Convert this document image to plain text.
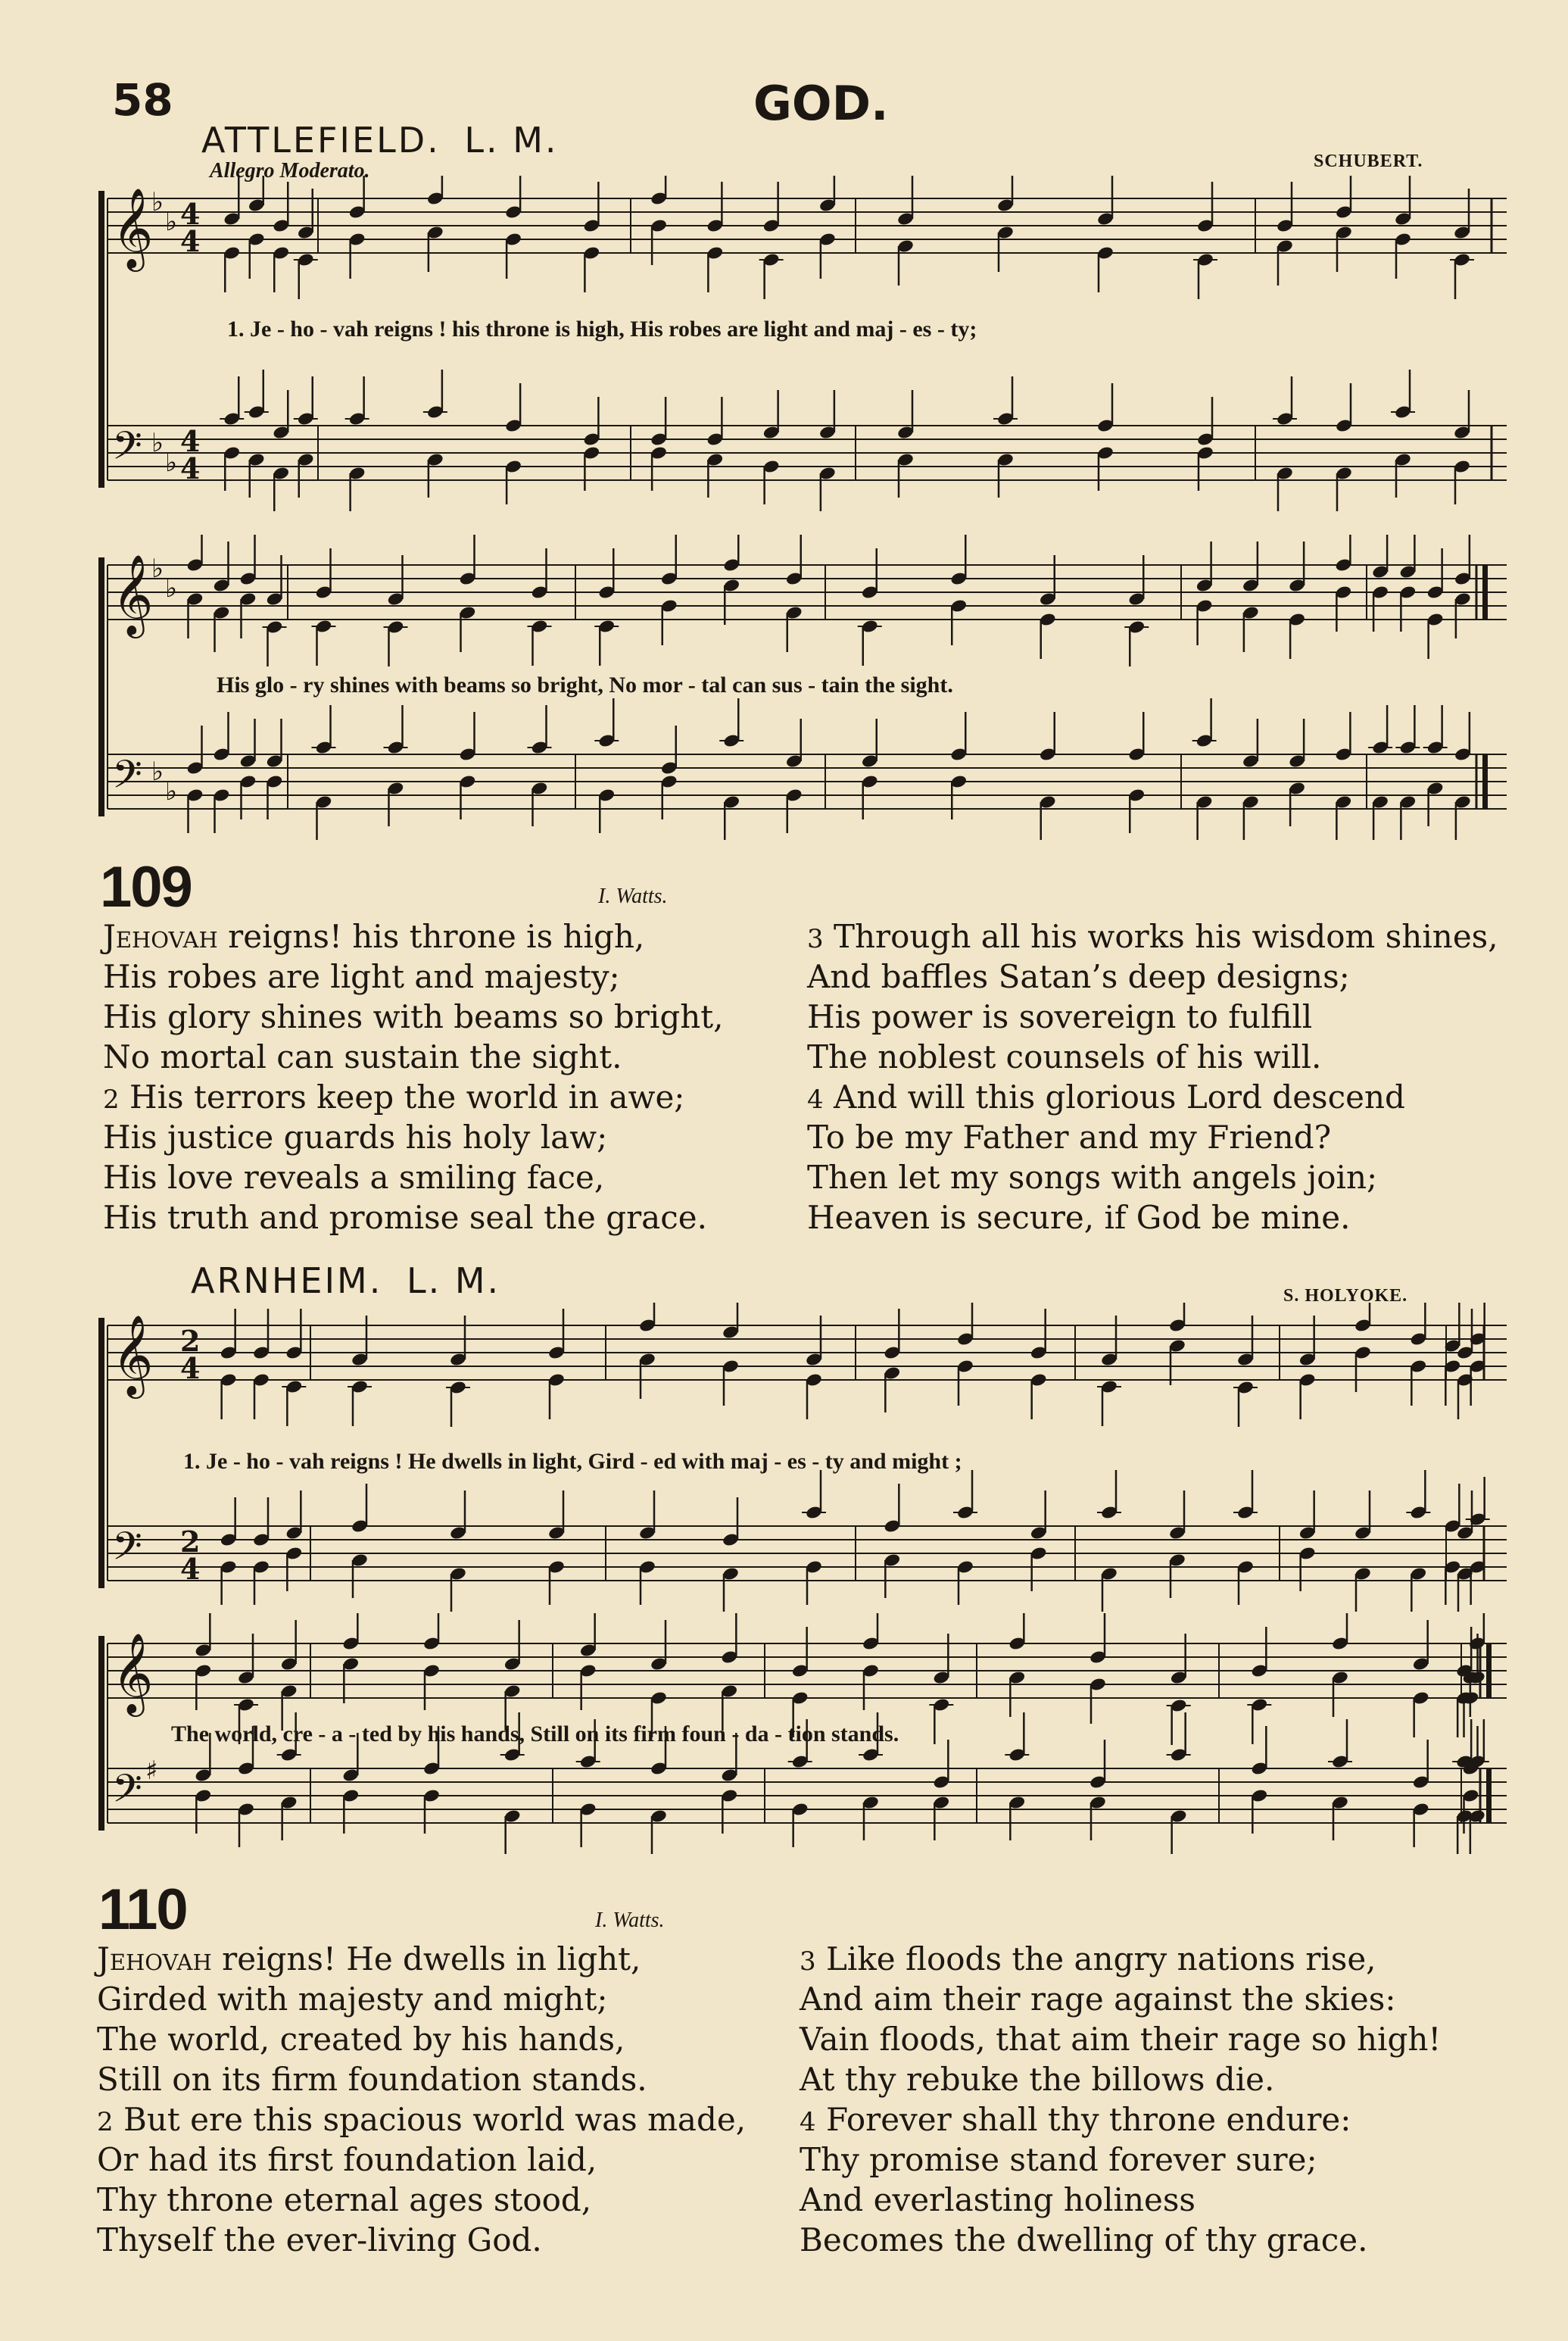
58	GOD.
ATTLEFIELD. L. M.
Allegro Moderato.	SCHUBERT.
𝄞
𝄢
♭
♭
♭
♭
4
4
4
4
1. Je - ho - vah reigns ! his throne is high, His robes are light and maj - es - ty;
𝄞
𝄢
♭
♭
♭
♭
His glo - ry shines with beams so bright, No mor - tal can sus - tain the sight.
109	I. Watts.
Jehovah reigns! his throne is high,
His robes are light and majesty;
His glory shines with beams so bright,
No mortal can sustain the sight.
2 His terrors keep the world in awe;
His justice guards his holy law;
His love reveals a smiling face,
His truth and promise seal the grace.
3 Through all his works his wisdom shines,
And baffles Satan’s deep designs;
His power is sovereign to fulfill
The noblest counsels of his will.
4 And will this glorious Lord descend
To be my Father and my Friend?
Then let my songs with angels join;
Heaven is secure, if God be mine.
ARNHEIM. L. M.	S. HOLYOKE.
𝄞
𝄢
2
4
2
4
1. Je - ho - vah reigns ! He dwells in light, Gird - ed with maj - es - ty and might ;
𝄞
𝄢 ♯
The world, cre - a - ted by his hands, Still on its firm foun - da - tion stands.
110	I. Watts.
Jehovah reigns! He dwells in light,
Girded with majesty and might;
The world, created by his hands,
Still on its firm foundation stands.
2 But ere this spacious world was made,
Or had its first foundation laid,
Thy throne eternal ages stood,
Thyself the ever-living God.
3 Like floods the angry nations rise,
And aim their rage against the skies:
Vain floods, that aim their rage so high!
At thy rebuke the billows die.
4 Forever shall thy throne endure:
Thy promise stand forever sure;
And everlasting holiness
Becomes the dwelling of thy grace.
